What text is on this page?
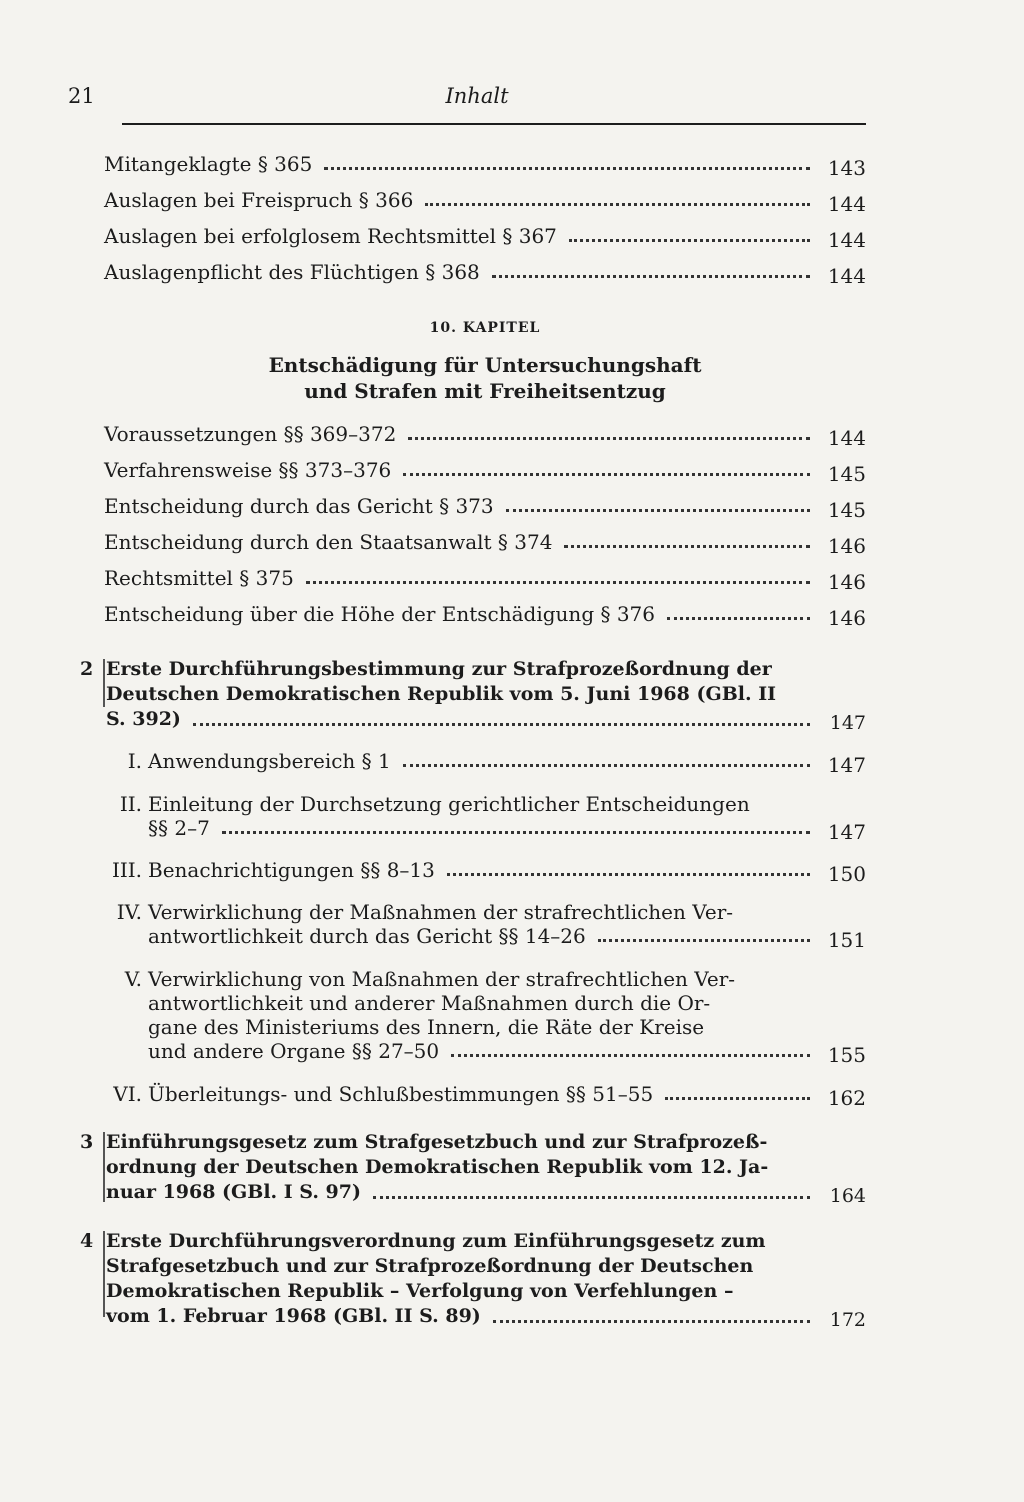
21	Inhalt
Mitangeklagte § 365	143
Auslagen bei Freispruch § 366	144
Auslagen bei erfolglosem Rechtsmittel § 367	144
Auslagenpflicht des Flüchtigen § 368	144
10. KAPITEL
Entschädigung für Untersuchungshaft
und Strafen mit Freiheitsentzug
Voraussetzungen §§ 369–372	144
Verfahrensweise §§ 373–376	145
Entscheidung durch das Gericht § 373	145
Entscheidung durch den Staatsanwalt § 374	146
Rechtsmittel § 375	146
Entscheidung über die Höhe der Entschädigung § 376	146
2 Erste Durchführungsbestimmung zur Strafprozeßordnung der
Deutschen Demokratischen Republik vom 5. Juni 1968 (GBl. II
S. 392)	147
I. Anwendungsbereich § 1	147
II. Einleitung der Durchsetzung gerichtlicher Entscheidungen
§§ 2–7	147
III. Benachrichtigungen §§ 8–13	150
IV. Verwirklichung der Maßnahmen der strafrechtlichen Ver-
antwortlichkeit durch das Gericht §§ 14–26	151
V. Verwirklichung von Maßnahmen der strafrechtlichen Ver-
antwortlichkeit und anderer Maßnahmen durch die Or-
gane des Ministeriums des Innern, die Räte der Kreise
und andere Organe §§ 27–50	155
VI. Überleitungs- und Schlußbestimmungen §§ 51–55	162
3 Einführungsgesetz zum Strafgesetzbuch und zur Strafprozeß-
ordnung der Deutschen Demokratischen Republik vom 12. Ja-
nuar 1968 (GBl. I S. 97)	164
4 Erste Durchführungsverordnung zum Einführungsgesetz zum
Strafgesetzbuch und zur Strafprozeßordnung der Deutschen
Demokratischen Republik – Verfolgung von Verfehlungen –
vom 1. Februar 1968 (GBl. II S. 89)	172
